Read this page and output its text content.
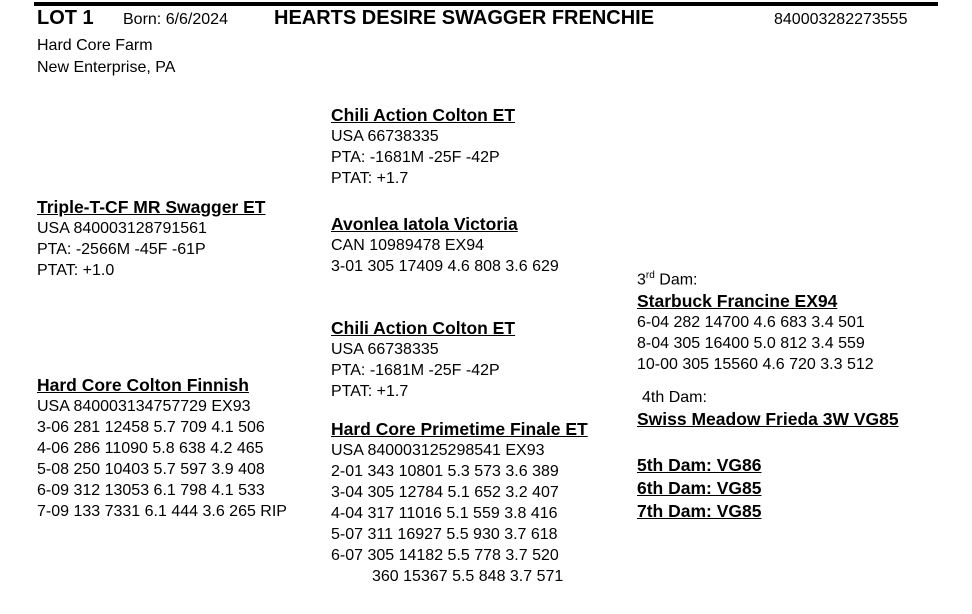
LOT 1 Born: 6/6/2024 HEARTS DESIRE SWAGGER FRENCHIE	840003282273555
Hard Core Farm
New Enterprise, PA
Triple-T-CF MR Swagger ET
USA 840003128791561
PTA: -2566M -45F -61P
PTAT: +1.0
Chili Action Colton ET
USA 66738335
PTA: -1681M -25F -42P
PTAT: +1.7
Avonlea Iatola Victoria
CAN 10989478 EX94
3-01 305 17409 4.6 808 3.6 629
Hard Core Colton Finnish
USA 840003134757729 EX93
3-06 281 12458 5.7 709 4.1 506
4-06 286 11090 5.8 638 4.2 465
5-08 250 10403 5.7 597 3.9 408
6-09 312 13053 6.1 798 4.1 533
7-09 133 7331 6.1 444 3.6 265 RIP
Chili Action Colton ET
USA 66738335
PTA: -1681M -25F -42P
PTAT: +1.7
Hard Core Primetime Finale ET
USA 840003125298541 EX93
2-01 343 10801 5.3 573 3.6 389
3-04 305 12784 5.1 652 3.2 407
4-04 317 11016 5.1 559 3.8 416
5-07 311 16927 5.5 930 3.7 618
6-07 305 14182 5.5 778 3.7 520
360 15367 5.5 848 3.7 571
3rd Dam:
Starbuck Francine EX94
6-04 282 14700 4.6 683 3.4 501
8-04 305 16400 5.0 812 3.4 559
10-00 305 15560 4.6 720 3.3 512
4th Dam:
Swiss Meadow Frieda 3W VG85
5th Dam: VG86
6th Dam: VG85
7th Dam: VG85
